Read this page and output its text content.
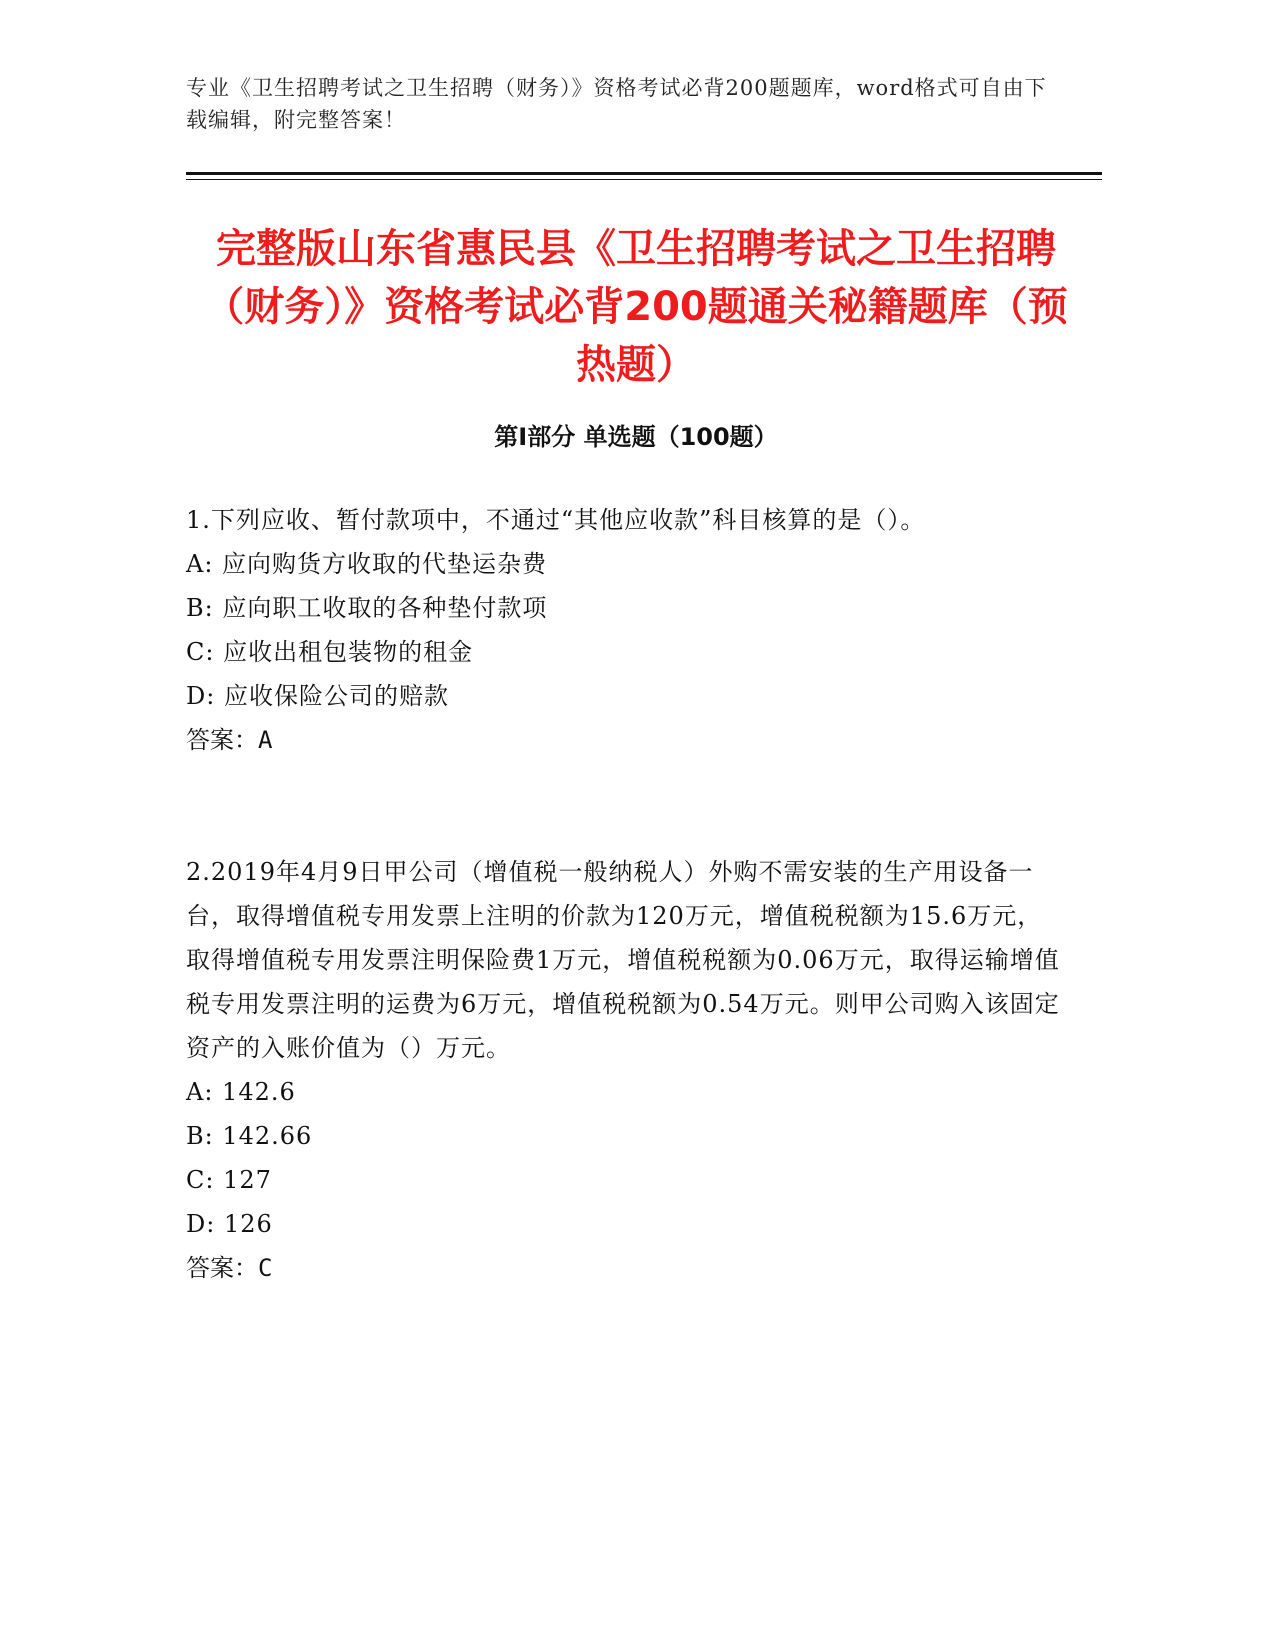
专业《卫生招聘考试之卫生招聘（财务）》资格考试必背200题题库，word格式可自由下载编辑，附完整答案！
完整版山东省惠民县《卫生招聘考试之卫生招聘（财务）》资格考试必背200题通关秘籍题库（预热题）
第I部分 单选题（100题）

1.下列应收、暂付款项中，不通过“其他应收款”科目核算的是（）。

A: 应向购货方收取的代垫运杂费

B: 应向职工收取的各种垫付款项

C: 应收出租包装物的租金

D: 应收保险公司的赔款

答案：A

2.2019年4月9日甲公司（增值税一般纳税人）外购不需安装的生产用设备一台，取得增值税专用发票上注明的价款为120万元，增值税税额为15.6万元，取得增值税专用发票注明保险费1万元，增值税税额为0.06万元，取得运输增值税专用发票注明的运费为6万元，增值税税额为0.54万元。则甲公司购入该固定资产的入账价值为（）万元。

A: 142.6

B: 142.66

C: 127

D: 126

答案：C
